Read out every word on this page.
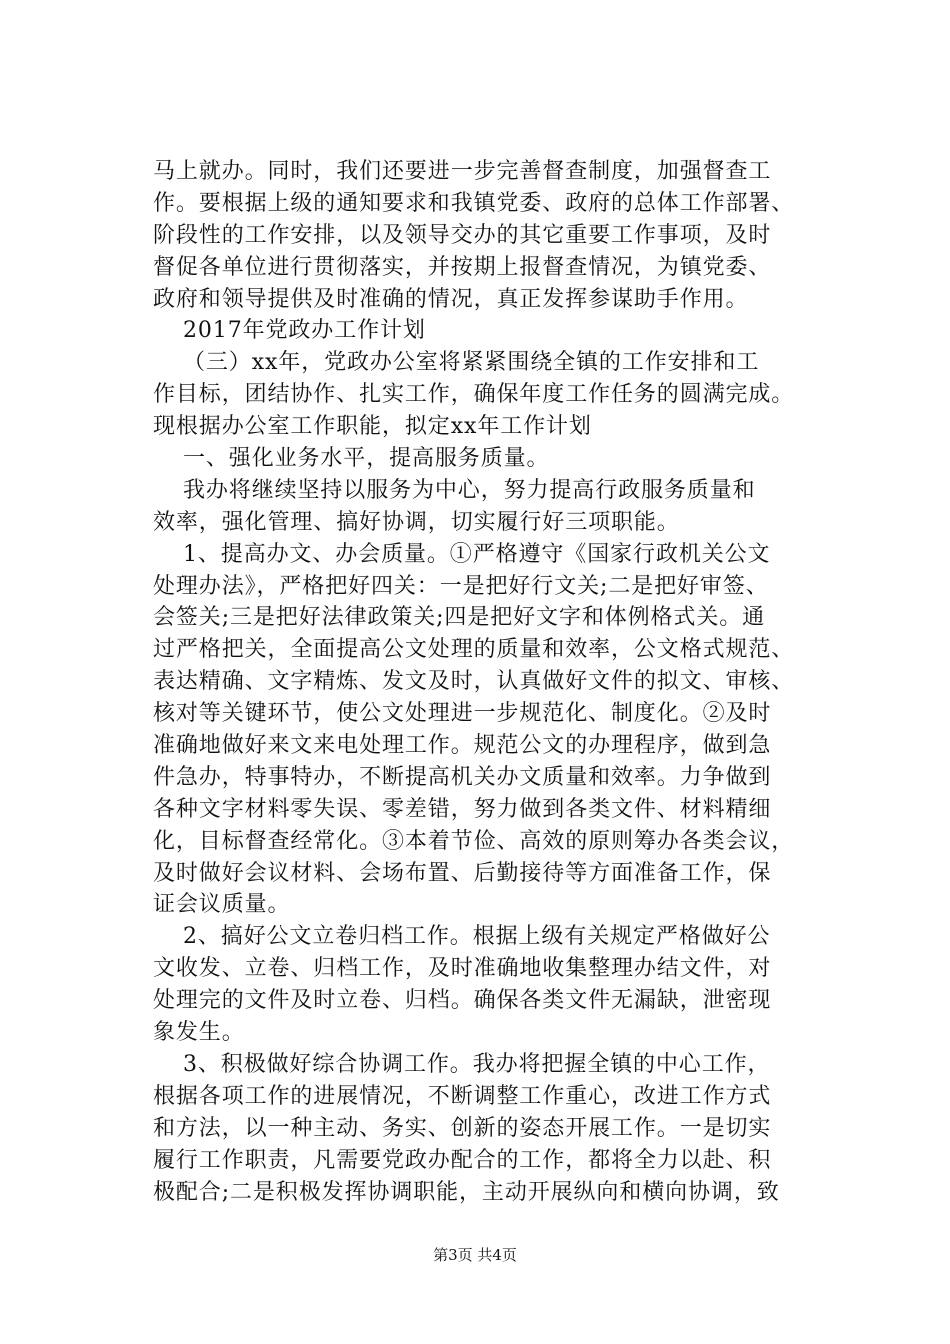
马上就办。同时，我们还要进一步完善督查制度，加强督查工
作。要根据上级的通知要求和我镇党委、政府的总体工作部署、
阶段性的工作安排，以及领导交办的其它重要工作事项，及时
督促各单位进行贯彻落实，并按期上报督查情况，为镇党委、
政府和领导提供及时准确的情况，真正发挥参谋助手作用。
2017年党政办工作计划
（三）xx年，党政办公室将紧紧围绕全镇的工作安排和工
作目标，团结协作、扎实工作，确保年度工作任务的圆满完成。
现根据办公室工作职能，拟定xx年工作计划
一、强化业务水平，提高服务质量。
我办将继续坚持以服务为中心，努力提高行政服务质量和
效率，强化管理、搞好协调，切实履行好三项职能。
1、提高办文、办会质量。①严格遵守《国家行政机关公文
处理办法》，严格把好四关：一是把好行文关;二是把好审签、
会签关;三是把好法律政策关;四是把好文字和体例格式关。通
过严格把关，全面提高公文处理的质量和效率，公文格式规范、
表达精确、文字精炼、发文及时，认真做好文件的拟文、审核、
核对等关键环节，使公文处理进一步规范化、制度化。②及时
准确地做好来文来电处理工作。规范公文的办理程序，做到急
件急办，特事特办，不断提高机关办文质量和效率。力争做到
各种文字材料零失误、零差错，努力做到各类文件、材料精细
化，目标督查经常化。③本着节俭、高效的原则筹办各类会议，
及时做好会议材料、会场布置、后勤接待等方面准备工作，保
证会议质量。
2、搞好公文立卷归档工作。根据上级有关规定严格做好公
文收发、立卷、归档工作，及时准确地收集整理办结文件，对
处理完的文件及时立卷、归档。确保各类文件无漏缺，泄密现
象发生。
3、积极做好综合协调工作。我办将把握全镇的中心工作，
根据各项工作的进展情况，不断调整工作重心，改进工作方式
和方法，以一种主动、务实、创新的姿态开展工作。一是切实
履行工作职责，凡需要党政办配合的工作，都将全力以赴、积
极配合;二是积极发挥协调职能，主动开展纵向和横向协调，致
第3页 共4页
